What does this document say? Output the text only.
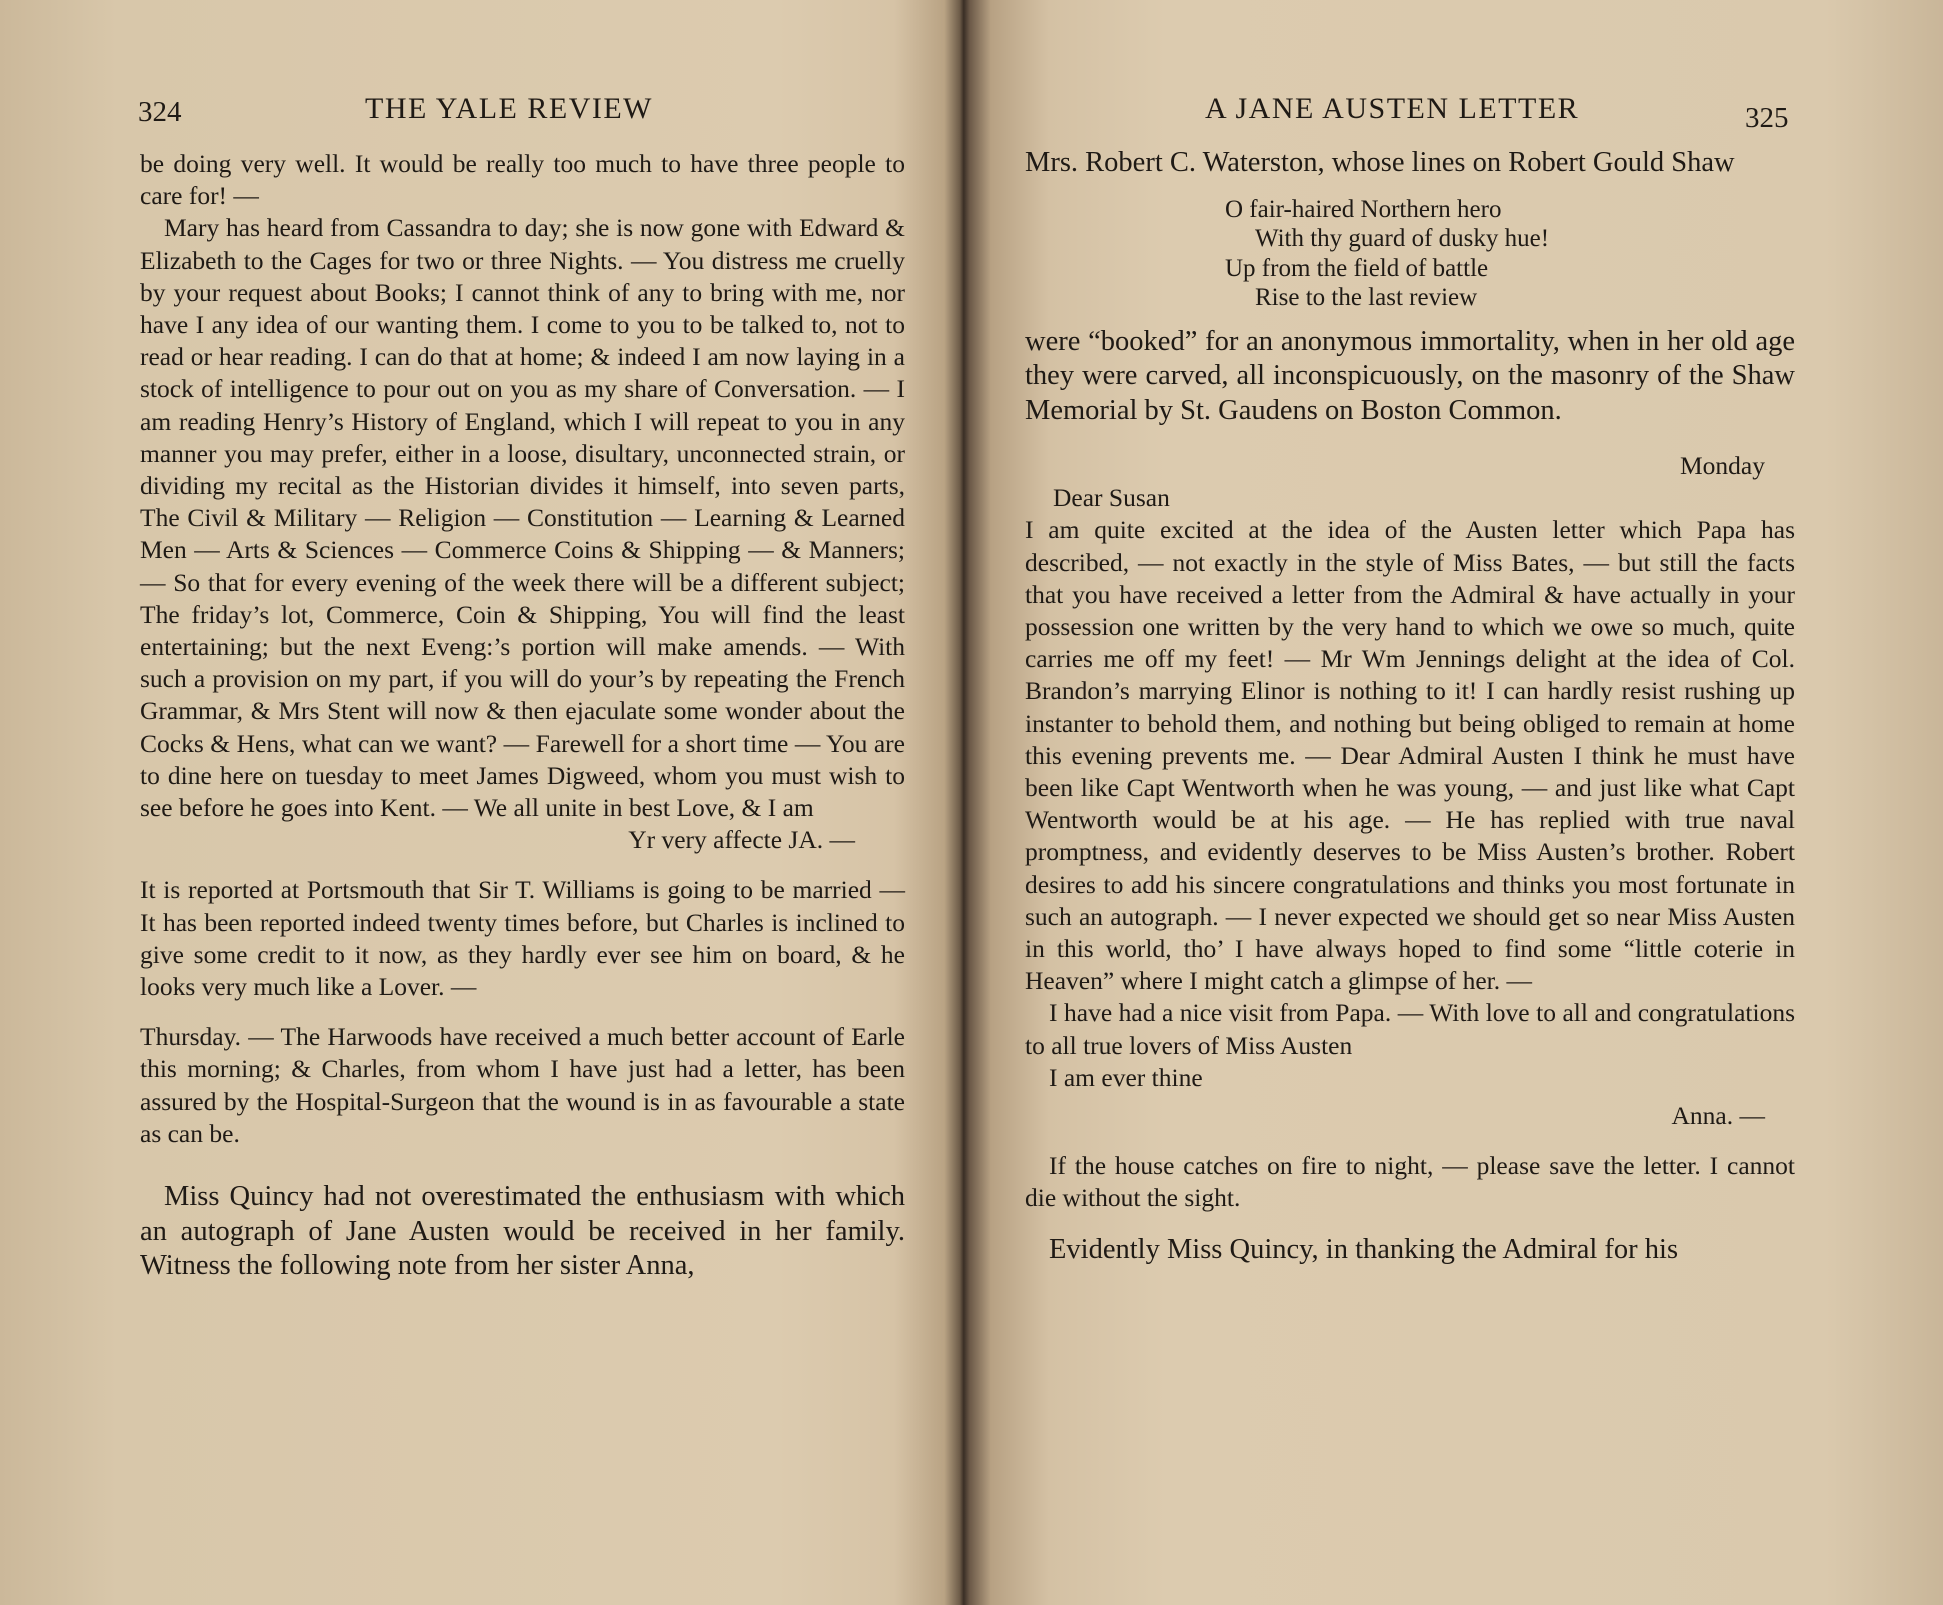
324	THE YALE REVIEW

be doing very well. It would be really too much to have three people to care for! —

Mary has heard from Cassandra to day; she is now gone with Edward & Elizabeth to the Cages for two or three Nights. — You distress me cruelly by your request about Books; I cannot think of any to bring with me, nor have I any idea of our wanting them. I come to you to be talked to, not to read or hear reading. I can do that at home; & indeed I am now laying in a stock of intelligence to pour out on you as my share of Conversation. — I am reading Henry’s History of England, which I will repeat to you in any manner you may prefer, either in a loose, disultary, unconnected strain, or dividing my recital as the Historian divides it himself, into seven parts, The Civil & Military — Religion — Constitution — Learning & Learned Men — Arts & Sciences — Commerce Coins & Shipping — & Manners; — So that for every evening of the week there will be a different subject; The friday’s lot, Commerce, Coin & Shipping, You will find the least entertaining; but the next Eveng:’s portion will make amends. — With such a provision on my part, if you will do your’s by repeating the French Grammar, & Mrs Stent will now & then ejaculate some wonder about the Cocks & Hens, what can we want? — Farewell for a short time — You are to dine here on tuesday to meet James Digweed, whom you must wish to see before he goes into Kent. — We all unite in best Love, & I am

Yr very affecte JA. —

It is reported at Portsmouth that Sir T. Williams is going to be married — It has been reported indeed twenty times before, but Charles is inclined to give some credit to it now, as they hardly ever see him on board, & he looks very much like a Lover. —

Thursday. — The Harwoods have received a much better account of Earle this morning; & Charles, from whom I have just had a letter, has been assured by the Hospital-Surgeon that the wound is in as favourable a state as can be.

Miss Quincy had not overestimated the enthusiasm with which an autograph of Jane Austen would be received in her family. Witness the following note from her sister Anna,

A JANE AUSTEN LETTER	325

Mrs. Robert C. Waterston, whose lines on Robert Gould Shaw

O fair-haired Northern hero
With thy guard of dusky hue!
Up from the field of battle
Rise to the last review

were “booked” for an anonymous immortality, when in her old age they were carved, all inconspicuously, on the masonry of the Shaw Memorial by St. Gaudens on Boston Common.

Monday

Dear Susan

I am quite excited at the idea of the Austen letter which Papa has described, — not exactly in the style of Miss Bates, — but still the facts that you have received a letter from the Admiral & have actually in your possession one written by the very hand to which we owe so much, quite carries me off my feet! — Mr Wm Jennings delight at the idea of Col. Brandon’s marrying Elinor is nothing to it! I can hardly resist rushing up instanter to behold them, and nothing but being obliged to remain at home this evening prevents me. — Dear Admiral Austen I think he must have been like Capt Wentworth when he was young, — and just like what Capt Wentworth would be at his age. — He has replied with true naval promptness, and evidently deserves to be Miss Austen’s brother. Robert desires to add his sincere congratulations and thinks you most fortunate in such an autograph. — I never expected we should get so near Miss Austen in this world, tho’ I have always hoped to find some “little coterie in Heaven” where I might catch a glimpse of her. —

I have had a nice visit from Papa. — With love to all and congratulations to all true lovers of Miss Austen

I am ever thine

Anna. —

If the house catches on fire to night, — please save the letter. I cannot die without the sight.

Evidently Miss Quincy, in thanking the Admiral for his
